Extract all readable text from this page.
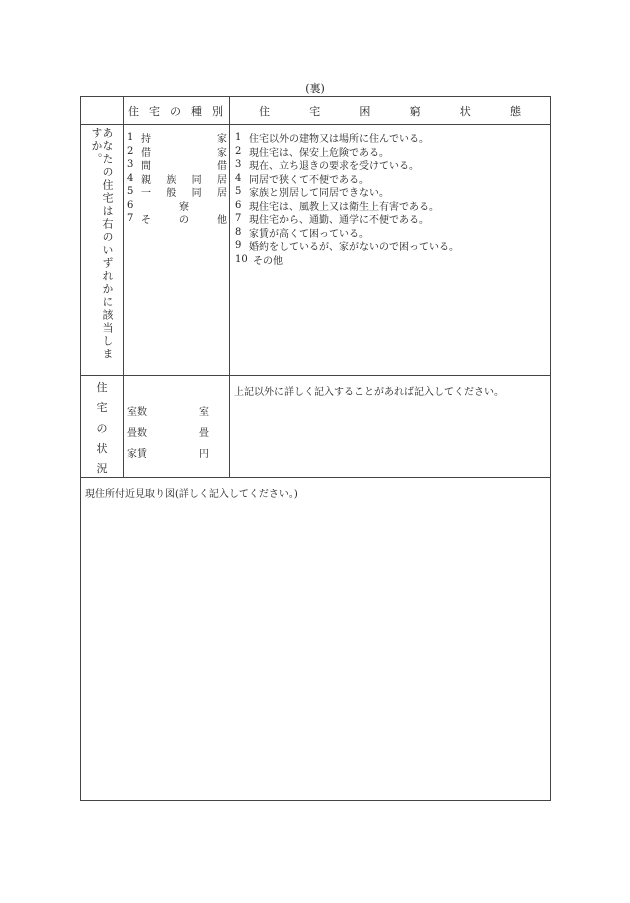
(裏)
住 宅 の 種 別	住	宅	困	窮	状	態
あなたの住宅は右のいずれかに該当しますか。	1 持	家
2 借	家
3 間	借
4 親 族 同 居
5 一 般 同 居
6	寮
7 そ	の	他
1 住宅以外の建物又は場所に住んでいる。
2 現住宅は、保安上危険である。
3 現在、立ち退きの要求を受けている。
4 同居で狭くて不便である。
5 家族と別居して同居できない。
6 現住宅は、風教上又は衛生上有害である。
7 現住宅から、通勤、通学に不便である。
8 家賃が高くて困っている。
9 婚約をしているが、家がないので困っている。
10 その他
住
宅
の
状
況
室数	室
畳数	畳
家賃	円
上記以外に詳しく記入することがあれば記入してください。
現住所付近見取り図(詳しく記入してください。)
